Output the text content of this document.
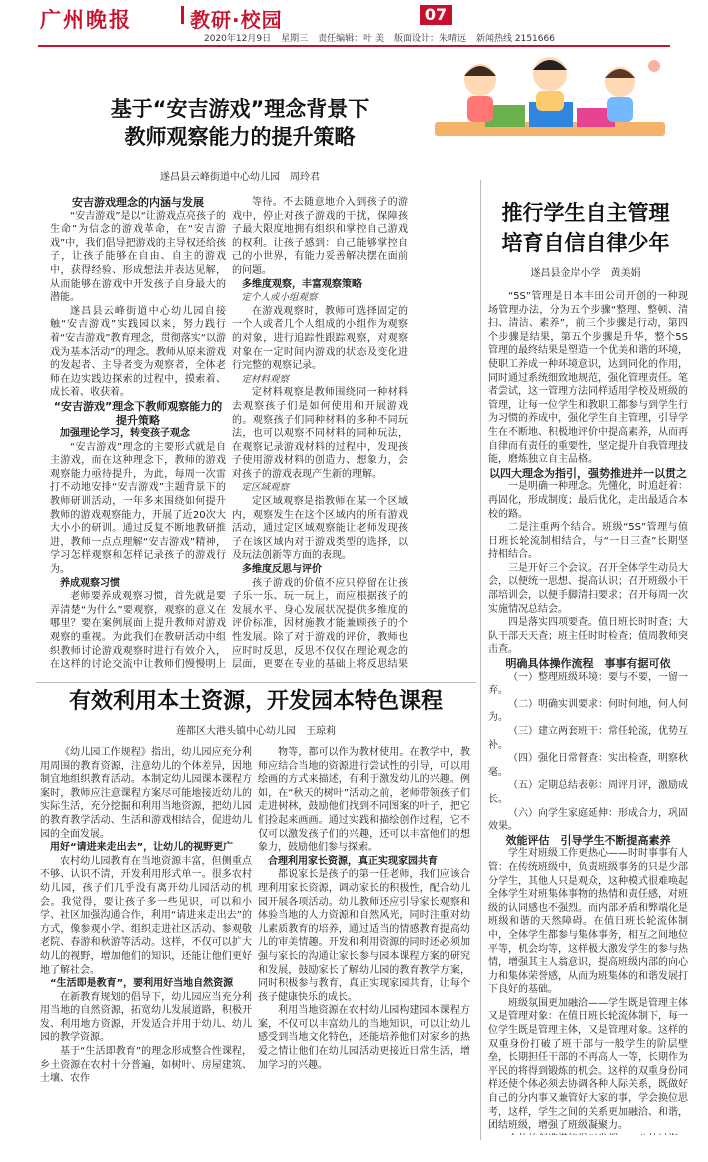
广州晚报	教研·校园	07
2020年12月9日 星期三 责任编辑：叶 美 版面设计：朱晴远 新闻热线 2151666
基于“安吉游戏”理念背景下
教师观察能力的提升策略
遂昌县云峰街道中心幼儿园　周玲君

安吉游戏理念的内涵与发展

“安吉游戏”是以“让游戏点亮孩子的生命”为信念的游戏革命，在“安吉游戏”中，我们倡导把游戏的主导权还给孩子，让孩子能够在自由、自主的游戏中，获得经验、形成想法并表达见解，从而能够在游戏中开发孩子自身最大的潜能。

遂昌县云峰街道中心幼儿园自接触“安吉游戏”实践园以来，努力践行着“安吉游戏”教育理念，贯彻落实“以游戏为基本活动”的理念。教师从原来游戏的发起者、主导者变为观察者，全体老师在边实践边探索的过程中，摸索着、成长着、收获着。

“安吉游戏”理念下教师观察能力的提升策略

加强理论学习，转变孩子观念

“安吉游戏”理念的主要形式就是自主游戏，而在这种理念下，教师的游戏观察能力亟待提升，为此，每周一次雷打不动地安排“安吉游戏”主题背景下的教师研训活动，一年多来围绕如何提升教师的游戏观察能力，开展了近20次大大小小的研训。通过反复不断地教研推进，教师一点点理解“安吉游戏”精神，学习怎样观察和怎样记录孩子的游戏行为。

养成观察习惯

老师要养成观察习惯，首先就是要弄清楚“为什么”要观察，观察的意义在哪里？要在案例展面上提升教师对游戏观察的重视。为此我们在教研活动中组织教师讨论游戏观察时进行有效介入，在这样的讨论交流中让教师们慢慢明上

等待。不去随意地介入到孩子的游戏中，停止对孩子游戏的干扰，保障孩子最大限度地拥有组织和掌控自己游戏的权利。让孩子感到：自己能够掌控自己的小世界，有能力妥善解决摆在面前的问题。

多维度观察，丰富观察策略

定个人或小组观察

在游戏观察时，教师可选择固定的一个人或者几个人组成的小组作为观察的对象，进行追踪性跟踪观察，对观察对象在一定时间内游戏的状态及变化进行完整的观察记录。

定材料观察

定材料观察是教师围绕同一种材料去观察孩子们是如何使用和开展游戏的。观察孩子们同种材料的多种不同玩法，也可以观察不同材料的同种玩法，在观察记录游戏材料的过程中，发现孩子使用游戏材料的创造力、想象力，会对孩子的游戏表现产生新的理解。

定区域观察

定区域观察是指教师在某一个区域内，观察发生在这个区域内的所有游戏活动，通过定区域观察能让老师发现孩子在该区域内对于游戏类型的选择，以及玩法创新等方面的表现。

多维度反思与评价

孩子游戏的价值不应只停留在让孩子乐一乐、玩一玩上，而应根据孩子的发展水平、身心发展状况提供多维度的评价标准，因材施教才能兼顾孩子的个性发展。除了对于游戏的评价，教师也应时时反思，反思不仅仅在理论观念的层面，更要在专业的基础上将反思结果

推行学生自主管理
培育自信自律少年
遂昌县金岸小学　黄美娟

“5S”管理是日本丰田公司开创的一种现场管理办法，分为五个步骤“整理、整顿、清扫、清洁、素养”，前三个步骤是行动，第四个步骤是结果，第五个步骤是升华，整个5S管理的最终结果是塑造一个优美和谐的环境，使职工养成一种环境意识，达到同化的作用，同时通过系统细致地规范，强化管理责任。笔者尝试，这一管理方法同样适用学校及班级的管理，让每一位学生和教职工都参与到学生行为习惯的养成中，强化学生自主管理，引导学生在不断地、积极地评价中提高素养，从而再自律而有责任的重要性，坚定提升自我管理技能，磨炼独立自主品格。

以四大理念为指引，强势推进并一以贯之

一是明确一种理念。先懂化，时追赶着：再固化，形成制度；最后优化，走出最适合本校的路。

二是注重两个结合。班级“5S”管理与值日班长轮流制相结合，与“一日三查”长期坚持相结合。

三是开好三个会议。召开全体学生动员大会，以便统一思想、提高认识；召开班级小干部培训会，以便手脚清扫要求；召开每周一次实施情况总结会。

四是落实四项要查。值日班长时时查；大队干部天天查；班主任时时检查；值周教师突击查。

明确具体操作流程　事事有据可依

（一）整理班级环境：要与不要，一留一弃。

（二）明确实训要求：何时何地，何人何为。

（三）建立两套班干：常任轮流，优势互补。

（四）强化日常督查：实出检查，明察秋毫。

（五）定期总结表彰：周评月评，激励成长。

（六）向学生家庭延伸：形成合力，巩固效果。

效能评估　引导学生不断提高素养

学生对班级工作更热心——时时事事有人管：在传统班级中，负责班级事务的只是少部分学生，其他人只是观众，这种模式很难唤起全体学生对班集体事物的热情和责任感，对班级的认同感也不强烈。而内部矛盾和弊端化是班级和谐的天然障碍。在值日班长轮流体制中，全体学生都参与集体事务，相互之间地位平等，机会均等，这样极大激发学生的参与热情，增强其主人翁意识，提高班级内部的向心力和集体荣誉感，从而为班集体的和谐发展打下良好的基础。

班级氛围更加融洽——学生既是管理主体又是管理对象：在值日班长轮流体制下，每一位学生既是管理主体，又是管理对象。这样的双重身份打破了班干部与一般学生的阶层壁垒，长期担任干部的不再高人一等，长期作为平民的将得到锻炼的机会。这样的双重身份同样还使个体必须去协调各种人际关系，既做好自己的分内事又兼管好大家的事，学会换位思考，这样，学生之间的关系更加融洽、和谐，团结班级，增强了班级凝聚力。

有效利用本土资源，开发园本特色课程
莲都区大港头镇中心幼儿园　王琼莉

《幼儿园工作规程》指出，幼儿园应充分利用周围的教育资源，注意幼儿的个体差异，因地制宜地组织教育活动。本制定幼儿园课本课程方案时，教师应注意课程方案尽可能地接近幼儿的实际生活，充分挖掘和利用当地资源，把幼儿园的教育教学活动、生活和游戏相结合，促进幼儿园的全面发展。

用好“请进来走出去”，让幼儿的视野更广

农村幼儿园教育在当地资源丰富，但侧重点不够、认识不清，开发利用形式单一。很多农村幼儿园，孩子们几乎没有离开幼儿园活动的机会。我觉得，要让孩子多一些见识，可以和小学、社区加强沟通合作，利用“请进来走出去”的方式，像参观小学、组织走进社区活动、参观敬老院、春游和秋游等活动。这样，不仅可以扩大幼儿的视野，增加他们的知识，还能让他们更好地了解社会。

“生活即是教育”，要利用好当地自然资源

在新教育规划的倡导下，幼儿园应当充分利用当地的自然资源，拓宽幼儿发展道路，积极开发、利用地方资源，开发适合并用于幼儿、幼儿园的教学资源。

基于“生活即教育”的理念形成整合性课程，乡土资源在农村十分普遍，如树叶、房屋建筑、土壤、农作

物等，都可以作为教材使用。在教学中，教师应结合当地的资源进行尝试性的引导，可以用绘画的方式来描述，有利于激发幼儿的兴趣。例如，在“秋天的树叶”活动之前，老师带领孩子们走进树林，鼓励他们找到不同图案的叶子，把它们捡起来画画。通过实践和描绘创作过程，它不仅可以激发孩子们的兴趣，还可以丰富他们的想象力，鼓励他们参与探索。

合理利用家长资源，真正实现家园共育

都说家长是孩子的第一任老师，我们应该合理利用家长资源，调动家长的积极性，配合幼儿园开展各项活动。幼儿教师还应引导家长观察和体验当地的人力资源和自然风光，同时注重对幼儿素质教育的培养，通过适当的情感教育提高幼儿的审美情趣。开发和利用资源的同时还必须加强与家长的沟通让家长参与园本课程方案的研究和发展，鼓励家长了解幼儿园的教育教学方案，同时积极参与教育，真正实现家园共育，让每个孩子健康快乐的成长。

利用当地资源在农村幼儿园构建园本课程方案，不仅可以丰富幼儿的当地知识，可以让幼儿感受到当地文化特色，还能培养他们对家乡的热爱之情让他们在幼儿园活动更接近日常生活，增加学习的兴趣。
